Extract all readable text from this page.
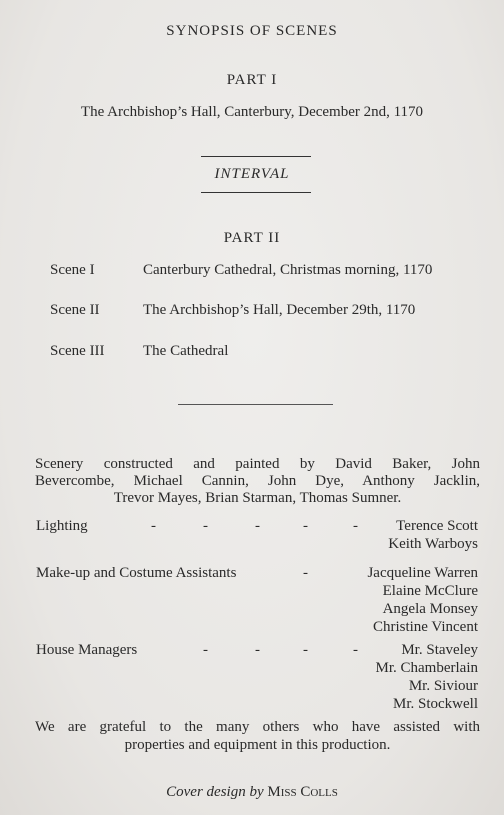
SYNOPSIS OF SCENES
PART I
The Archbishop’s Hall, Canterbury, December 2nd, 1170
INTERVAL
PART II
Scene I	Canterbury Cathedral, Christmas morning, 1170
Scene II	The Archbishop’s Hall, December 29th, 1170
Scene III	The Cathedral
Scenery constructed and painted by David Baker, John
Bevercombe, Michael Cannin, John Dye, Anthony Jacklin,
Trevor Mayes, Brian Starman, Thomas Sumner.
Lighting	-	-	-	-	-	Terence Scott
Keith Warboys
Make-up and Costume Assistants	-	Jacqueline Warren
Elaine McClure
Angela Monsey
Christine Vincent
House Managers	-	-	-	-	Mr. Staveley
Mr. Chamberlain
Mr. Siviour
Mr. Stockwell
We are grateful to the many others who have assisted with
properties and equipment in this production.
Cover design by Miss Colls
